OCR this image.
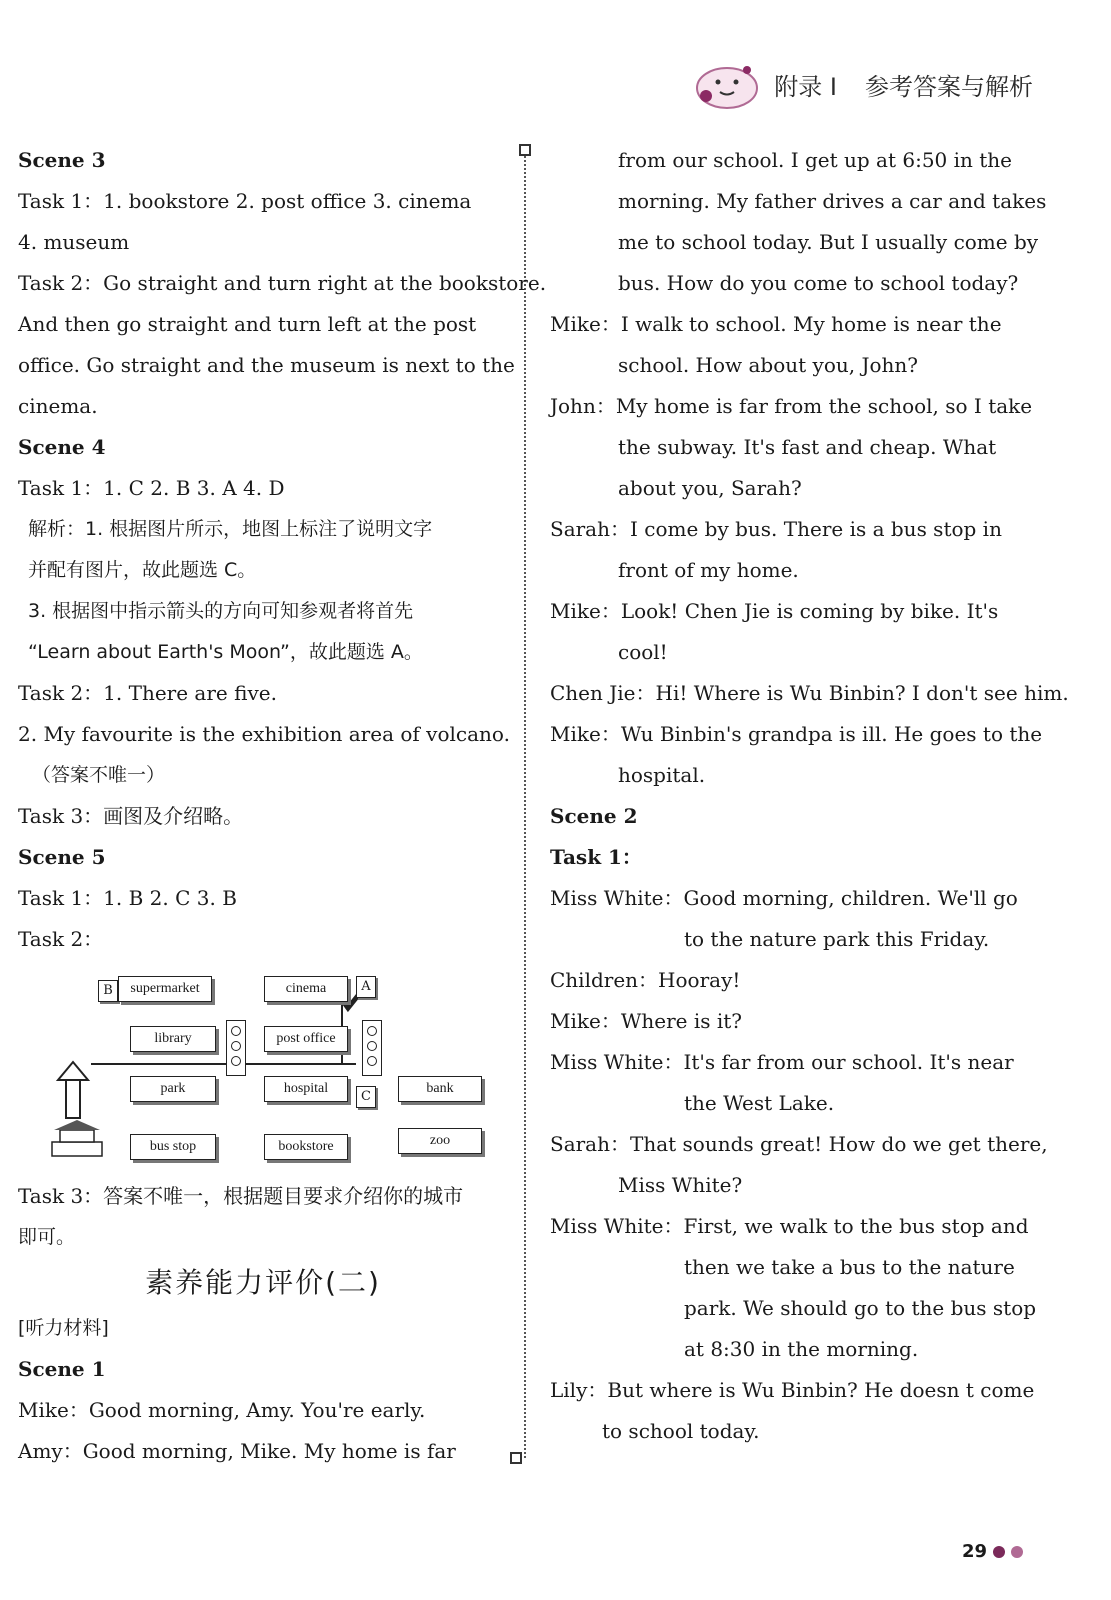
附录 I 参考答案与解析
Scene 3
Task 1：1. bookstore 2. post office 3. cinema
4. museum
Task 2：Go straight and turn right at the bookstore.
And then go straight and turn left at the post
office. Go straight and the museum is next to the
cinema.
Scene 4
Task 1：1. C 2. B 3. A 4. D
解析：1. 根据图片所示，地图上标注了说明文字
并配有图片，故此题选 C。
3. 根据图中指示箭头的方向可知参观者将首先
“Learn about Earth's Moon”，故此题选 A。
Task 2：1. There are five.
2. My favourite is the exhibition area of volcano.
（答案不唯一）
Task 3：画图及介绍略。
Scene 5
Task 1：1. B 2. C 3. B
Task 2：
B	supermarket	cinema	A
library	post office
park	hospital
C
bank
bus stop	bookstore	zoo
Task 3：答案不唯一，根据题目要求介绍你的城市
即可。
素养能力评价(二)
[听力材料]
Scene 1
Mike：Good morning, Amy. You're early.
Amy：Good morning, Mike. My home is far
from our school. I get up at 6:50 in the
morning. My father drives a car and takes
me to school today. But I usually come by
bus. How do you come to school today?
Mike：I walk to school. My home is near the
school. How about you, John?
John：My home is far from the school, so I take
the subway. It's fast and cheap. What
about you, Sarah?
Sarah：I come by bus. There is a bus stop in
front of my home.
Mike：Look! Chen Jie is coming by bike. It's
cool!
Chen Jie：Hi! Where is Wu Binbin? I don't see him.
Mike：Wu Binbin's grandpa is ill. He goes to the
hospital.
Scene 2
Task 1：
Miss White：Good morning, children. We'll go
to the nature park this Friday.
Children：Hooray!
Mike：Where is it?
Miss White：It's far from our school. It's near
the West Lake.
Sarah：That sounds great! How do we get there,
Miss White?
Miss White：First, we walk to the bus stop and
then we take a bus to the nature
park. We should go to the bus stop
at 8:30 in the morning.
Lily：But where is Wu Binbin? He doesn t come
to school today.
29
